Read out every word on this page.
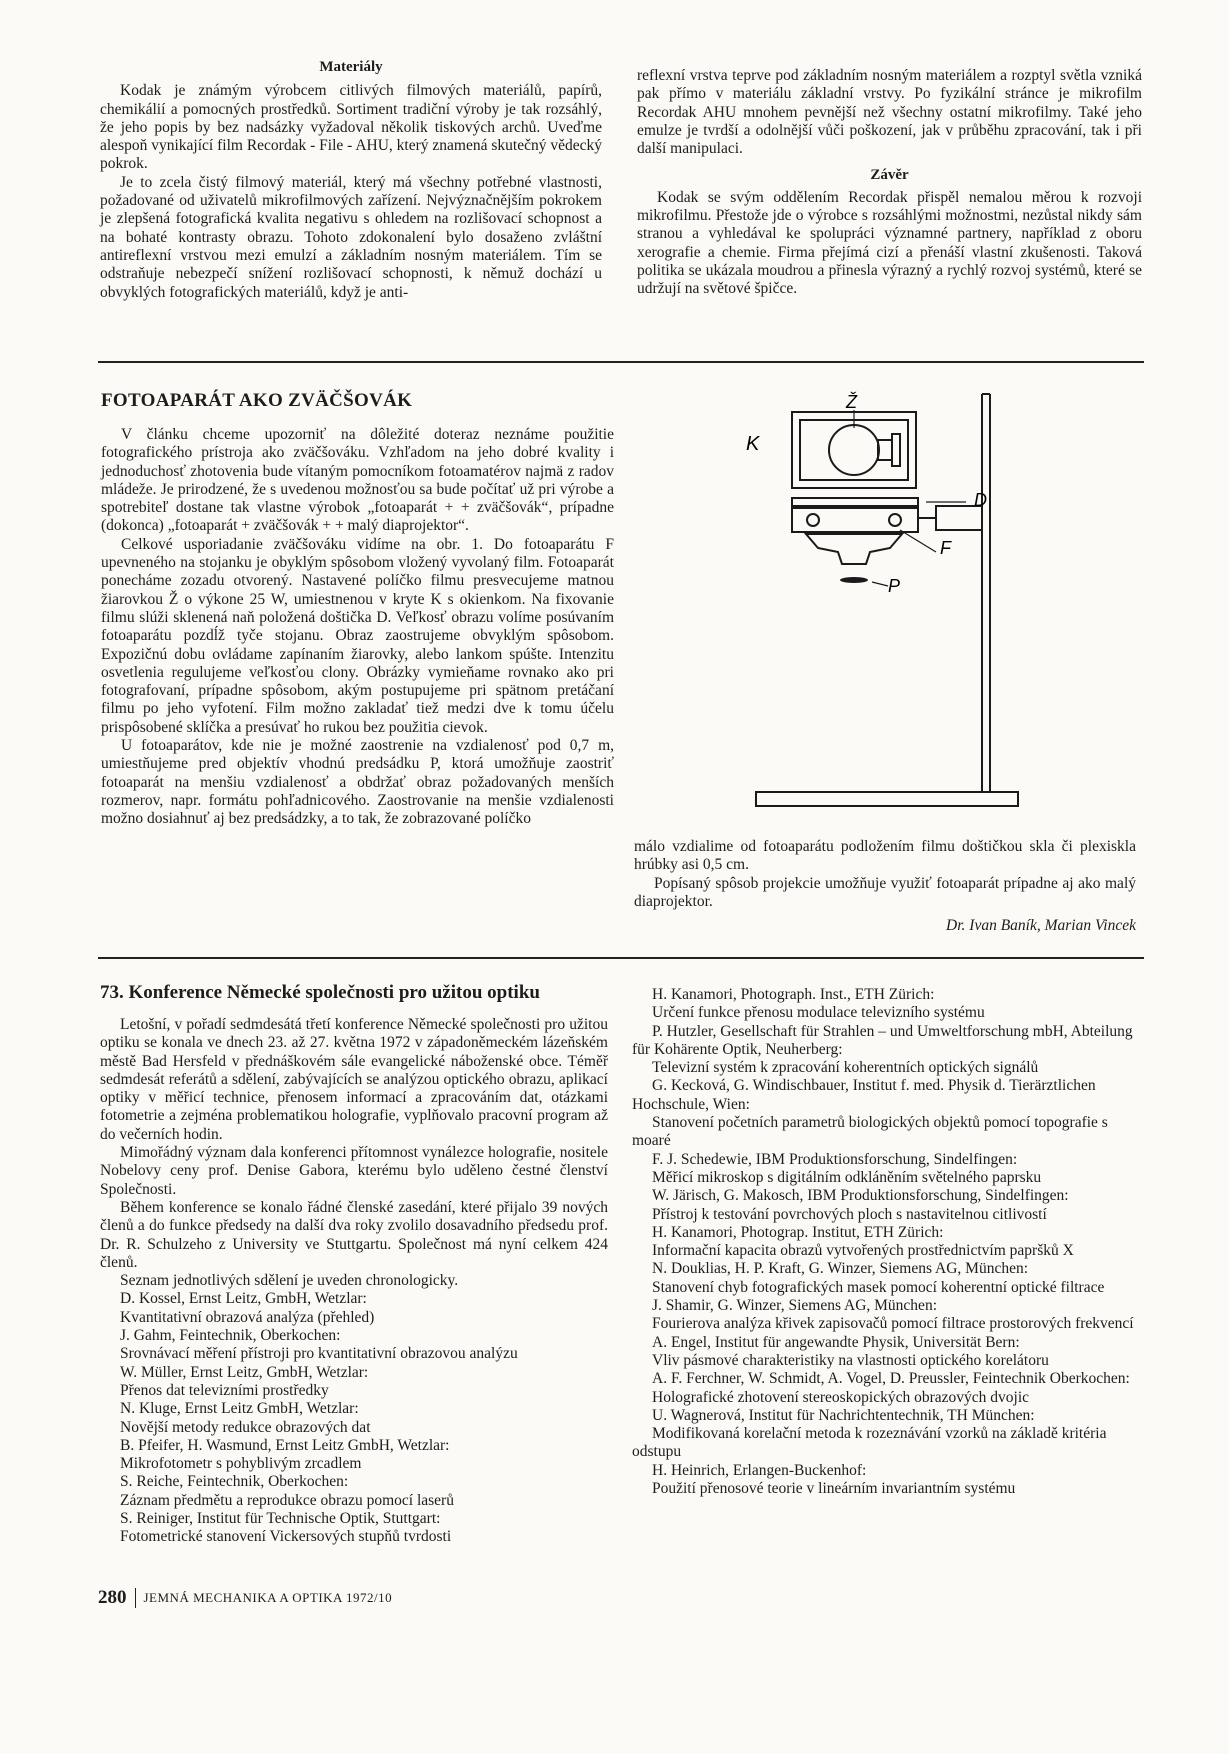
Materiály

Kodak je známým výrobcem citlivých filmových materiálů, papírů, chemikálií a pomocných prostředků. Sortiment tradiční výroby je tak rozsáhlý, že jeho popis by bez nadsázky vyžadoval několik tiskových archů. Uveďme alespoň vynikající film Recordak - File - AHU, který znamená skutečný vědecký pokrok.

Je to zcela čistý filmový materiál, který má všechny potřebné vlastnosti, požadované od uživatelů mikrofilmových zařízení. Nejvýznačnějším pokrokem je zlepšená fotografická kvalita negativu s ohledem na rozlišovací schopnost a na bohaté kontrasty obrazu. Tohoto zdokonalení bylo dosaženo zvláštní antireflexní vrstvou mezi emulzí a základním nosným materiálem. Tím se odstraňuje nebezpečí snížení rozlišovací schopnosti, k němuž dochází u obvyklých fotografických materiálů, když je anti-

reflexní vrstva teprve pod základním nosným materiálem a rozptyl světla vzniká pak přímo v materiálu základní vrstvy. Po fyzikální stránce je mikrofilm Recordak AHU mnohem pevnější než všechny ostatní mikrofilmy. Také jeho emulze je tvrdší a odolnější vůči poškození, jak v průběhu zpracování, tak i při další manipulaci.

Závěr

Kodak se svým oddělením Recordak přispěl nemalou měrou k rozvoji mikrofilmu. Přestože jde o výrobce s rozsáhlými možnostmi, nezůstal nikdy sám stranou a vyhledával ke spolupráci významné partnery, například z oboru xerografie a chemie. Firma přejímá cizí a přenáší vlastní zkušenosti. Taková politika se ukázala moudrou a přinesla výrazný a rychlý rozvoj systémů, které se udržují na světové špičce.

FOTOAPARÁT AKO ZVÄČŠOVÁK

V článku chceme upozorniť na dôležité doteraz neznáme použitie fotografického prístroja ako zväčšováku. Vzhľadom na jeho dobré kvality i jednoduchosť zhotovenia bude vítaným pomocníkom fotoamatérov najmä z radov mládeže. Je prirodzené, že s uvedenou možnosťou sa bude počítať už pri výrobe a spotrebiteľ dostane tak vlastne výrobok „fotoaparát + + zväčšovák“, prípadne (dokonca) „fotoaparát + zväčšovák + + malý diaprojektor“.

Celkové usporiadanie zväčšováku vidíme na obr. 1. Do fotoaparátu F upevneného na stojanku je obyklým spôsobom vložený vyvolaný film. Fotoaparát ponecháme zozadu otvorený. Nastavené políčko filmu presvecujeme matnou žiarovkou Ž o výkone 25 W, umiestnenou v kryte K s okienkom. Na fixovanie filmu slúži sklenená naň položená doštička D. Veľkosť obrazu volíme posúvaním fotoaparátu pozdĺž tyče stojanu. Obraz zaostrujeme obvyklým spôsobom. Expozičnú dobu ovládame zapínaním žiarovky, alebo lankom spúšte. Intenzitu osvetlenia regulujeme veľkosťou clony. Obrázky vymieňame rovnako ako pri fotografovaní, prípadne spôsobom, akým postupujeme pri spätnom pretáčaní filmu po jeho vyfotení. Film možno zakladať tiež medzi dve k tomu účelu prispôsobené sklíčka a presúvať ho rukou bez použitia cievok.

U fotoaparátov, kde nie je možné zaostrenie na vzdialenosť pod 0,7 m, umiestňujeme pred objektív vhodnú predsádku P, ktorá umožňuje zaostriť fotoaparát na menšiu vzdialenosť a obdržať obraz požadovaných menších rozmerov, napr. formátu pohľadnicového. Zaostrovanie na menšie vzdialenosti možno dosiahnuť aj bez predsádzky, a to tak, že zobrazované políčko

K
Ž
D
F
P

málo vzdialime od fotoaparátu podložením filmu doštičkou skla či plexiskla hrúbky asi 0,5 cm.

Popísaný spôsob projekcie umožňuje využiť fotoaparát prípadne aj ako malý diaprojektor.

Dr. Ivan Baník, Marian Vincek
73. Konference Německé společnosti pro užitou optiku

Letošní, v pořadí sedmdesátá třetí konference Německé společnosti pro užitou optiku se konala ve dnech 23. až 27. května 1972 v západoněmeckém lázeňském městě Bad Hersfeld v přednáškovém sále evangelické náboženské obce. Téměř sedmdesát referátů a sdělení, zabývajících se analýzou optického obrazu, aplikací optiky v měřicí technice, přenosem informací a zpracováním dat, otázkami fotometrie a zejména problematikou holografie, vyplňovalo pracovní program až do večerních hodin.

Mimořádný význam dala konferenci přítomnost vynálezce holografie, nositele Nobelovy ceny prof. Denise Gabora, kterému bylo uděleno čestné členství Společnosti.

Během konference se konalo řádné členské zasedání, které přijalo 39 nových členů a do funkce předsedy na další dva roky zvolilo dosavadního předsedu prof. Dr. R. Schulzeho z University ve Stuttgartu. Společnost má nyní celkem 424 členů.

Seznam jednotlivých sdělení je uveden chronologicky.

D. Kossel, Ernst Leitz, GmbH, Wetzlar:

Kvantitativní obrazová analýza (přehled)

J. Gahm, Feintechnik, Oberkochen:

Srovnávací měření přístroji pro kvantitativní obrazovou analýzu

W. Müller, Ernst Leitz, GmbH, Wetzlar:

Přenos dat televizními prostředky

N. Kluge, Ernst Leitz GmbH, Wetzlar:

Novější metody redukce obrazových dat

B. Pfeifer, H. Wasmund, Ernst Leitz GmbH, Wetzlar:

Mikrofotometr s pohyblivým zrcadlem

S. Reiche, Feintechnik, Oberkochen:

Záznam předmětu a reprodukce obrazu pomocí laserů

S. Reiniger, Institut für Technische Optik, Stuttgart:

Fotometrické stanovení Vickersových stupňů tvrdosti

H. Kanamori, Photograph. Inst., ETH Zürich:

Určení funkce přenosu modulace televizního systému

P. Hutzler, Gesellschaft für Strahlen – und Umweltforschung mbH, Abteilung für Kohärente Optik, Neuherberg:

Televizní systém k zpracování koherentních optických signálů

G. Kecková, G. Windischbauer, Institut f. med. Physik d. Tierärztlichen Hochschule, Wien:

Stanovení početních parametrů biologických objektů pomocí topografie s moaré

F. J. Schedewie, IBM Produktionsforschung, Sindelfingen:

Měřicí mikroskop s digitálním odkláněním světelného paprsku

W. Järisch, G. Makosch, IBM Produktionsforschung, Sindelfingen:

Přístroj k testování povrchových ploch s nastavitelnou citlivostí

H. Kanamori, Photograp. Institut, ETH Zürich:

Informační kapacita obrazů vytvořených prostřednictvím papršků X

N. Douklias, H. P. Kraft, G. Winzer, Siemens AG, München:

Stanovení chyb fotografických masek pomocí koherentní optické filtrace

J. Shamir, G. Winzer, Siemens AG, München:

Fourierova analýza křivek zapisovačů pomocí filtrace prostorových frekvencí

A. Engel, Institut für angewandte Physik, Universität Bern:

Vliv pásmové charakteristiky na vlastnosti optického korelátoru

A. F. Ferchner, W. Schmidt, A. Vogel, D. Preussler, Feintechnik Oberkochen:

Holografické zhotovení stereoskopických obrazových dvojic

U. Wagnerová, Institut für Nachrichtentechnik, TH München:

Modifikovaná korelační metoda k rozeznávání vzorků na základě kritéria odstupu

H. Heinrich, Erlangen-Buckenhof:

Použití přenosové teorie v lineárním invariantním systému

280 JEMNÁ MECHANIKA A OPTIKA 1972/10
